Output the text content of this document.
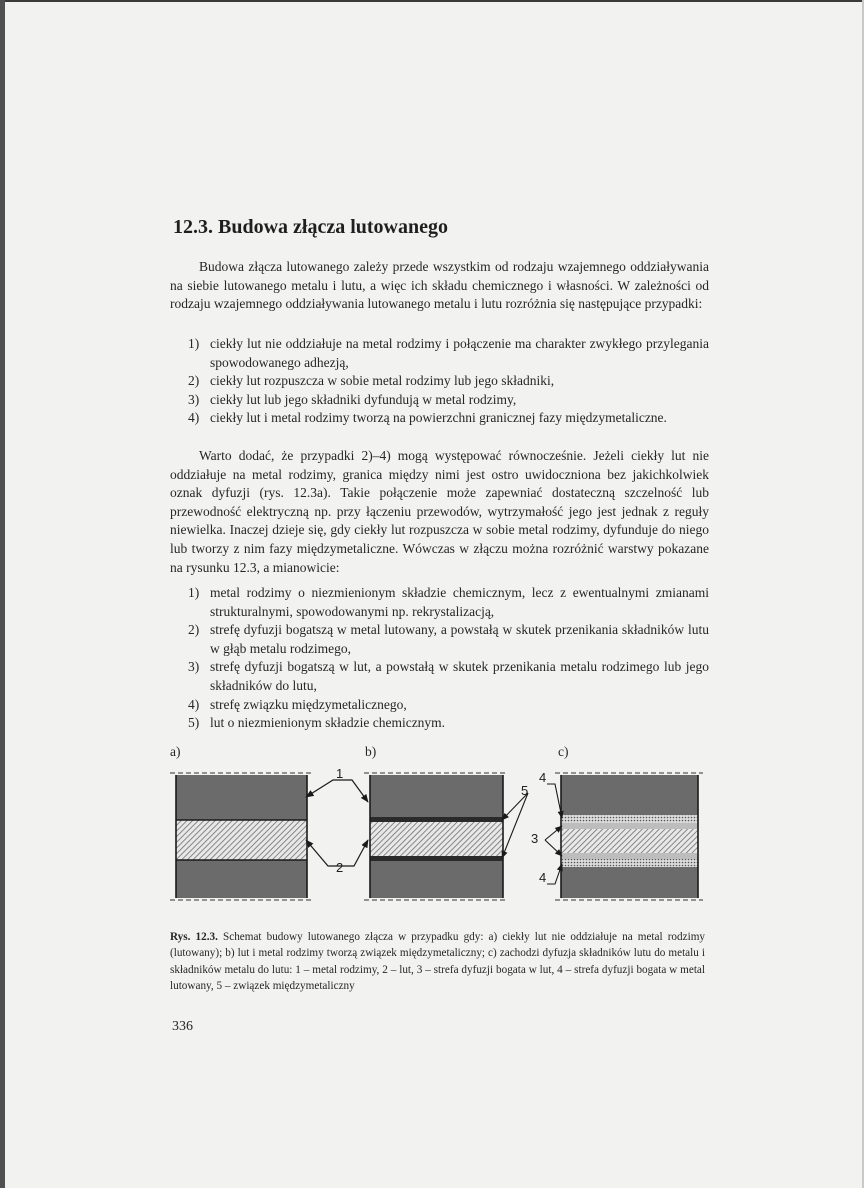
12.3. Budowa złącza lutowanego

Budowa złącza lutowanego zależy przede wszystkim od rodzaju wzajemnego oddziaływania na siebie lutowanego metalu i lutu, a więc ich składu chemicznego i własności. W zależności od rodzaju wzajemnego oddziaływania lutowanego metalu i lutu rozróżnia się następujące przypadki:

1) ciekły lut nie oddziałuje na metal rodzimy i połączenie ma charakter zwykłego przylegania spowodowanego adhezją,
2) ciekły lut rozpuszcza w sobie metal rodzimy lub jego składniki,
3) ciekły lut lub jego składniki dyfundują w metal rodzimy,
4) ciekły lut i metal rodzimy tworzą na powierzchni granicznej fazy międzymetaliczne.

Warto dodać, że przypadki 2)–4) mogą występować równocześnie. Jeżeli ciekły lut nie oddziałuje na metal rodzimy, granica między nimi jest ostro uwidoczniona bez jakichkolwiek oznak dyfuzji (rys. 12.3a). Takie połączenie może zapewniać dostateczną szczelność lub przewodność elektryczną np. przy łączeniu przewodów, wytrzymałość jego jest jednak z reguły niewielka. Inaczej dzieje się, gdy ciekły lut rozpuszcza w sobie metal rodzimy, dyfunduje do niego lub tworzy z nim fazy międzymetaliczne. Wówczas w złączu można rozróżnić warstwy pokazane na rysunku 12.3, a mianowicie:

1) metal rodzimy o niezmienionym składzie chemicznym, lecz z ewentualnymi zmianami strukturalnymi, spowodowanymi np. rekrystalizacją,
2) strefę dyfuzji bogatszą w metal lutowany, a powstałą w skutek przenikania składników lutu w głąb metalu rodzimego,
3) strefę dyfuzji bogatszą w lut, a powstałą w skutek przenikania metalu rodzimego lub jego składników do lutu,
4) strefę związku międzymetalicznego,
5) lut o niezmienionym składzie chemicznym.
a)	b)	c)
1
2
5
4
3
4

Rys. 12.3. Schemat budowy lutowanego złącza w przypadku gdy: a) ciekły lut nie oddziałuje na metal rodzimy (lutowany); b) lut i metal rodzimy tworzą związek międzymetaliczny; c) zachodzi dyfuzja składników lutu do metalu i składników metalu do lutu: 1 – metal rodzimy, 2 – lut, 3 – strefa dyfuzji bogata w lut, 4 – strefa dyfuzji bogata w metal lutowany, 5 – związek międzymetaliczny

336
